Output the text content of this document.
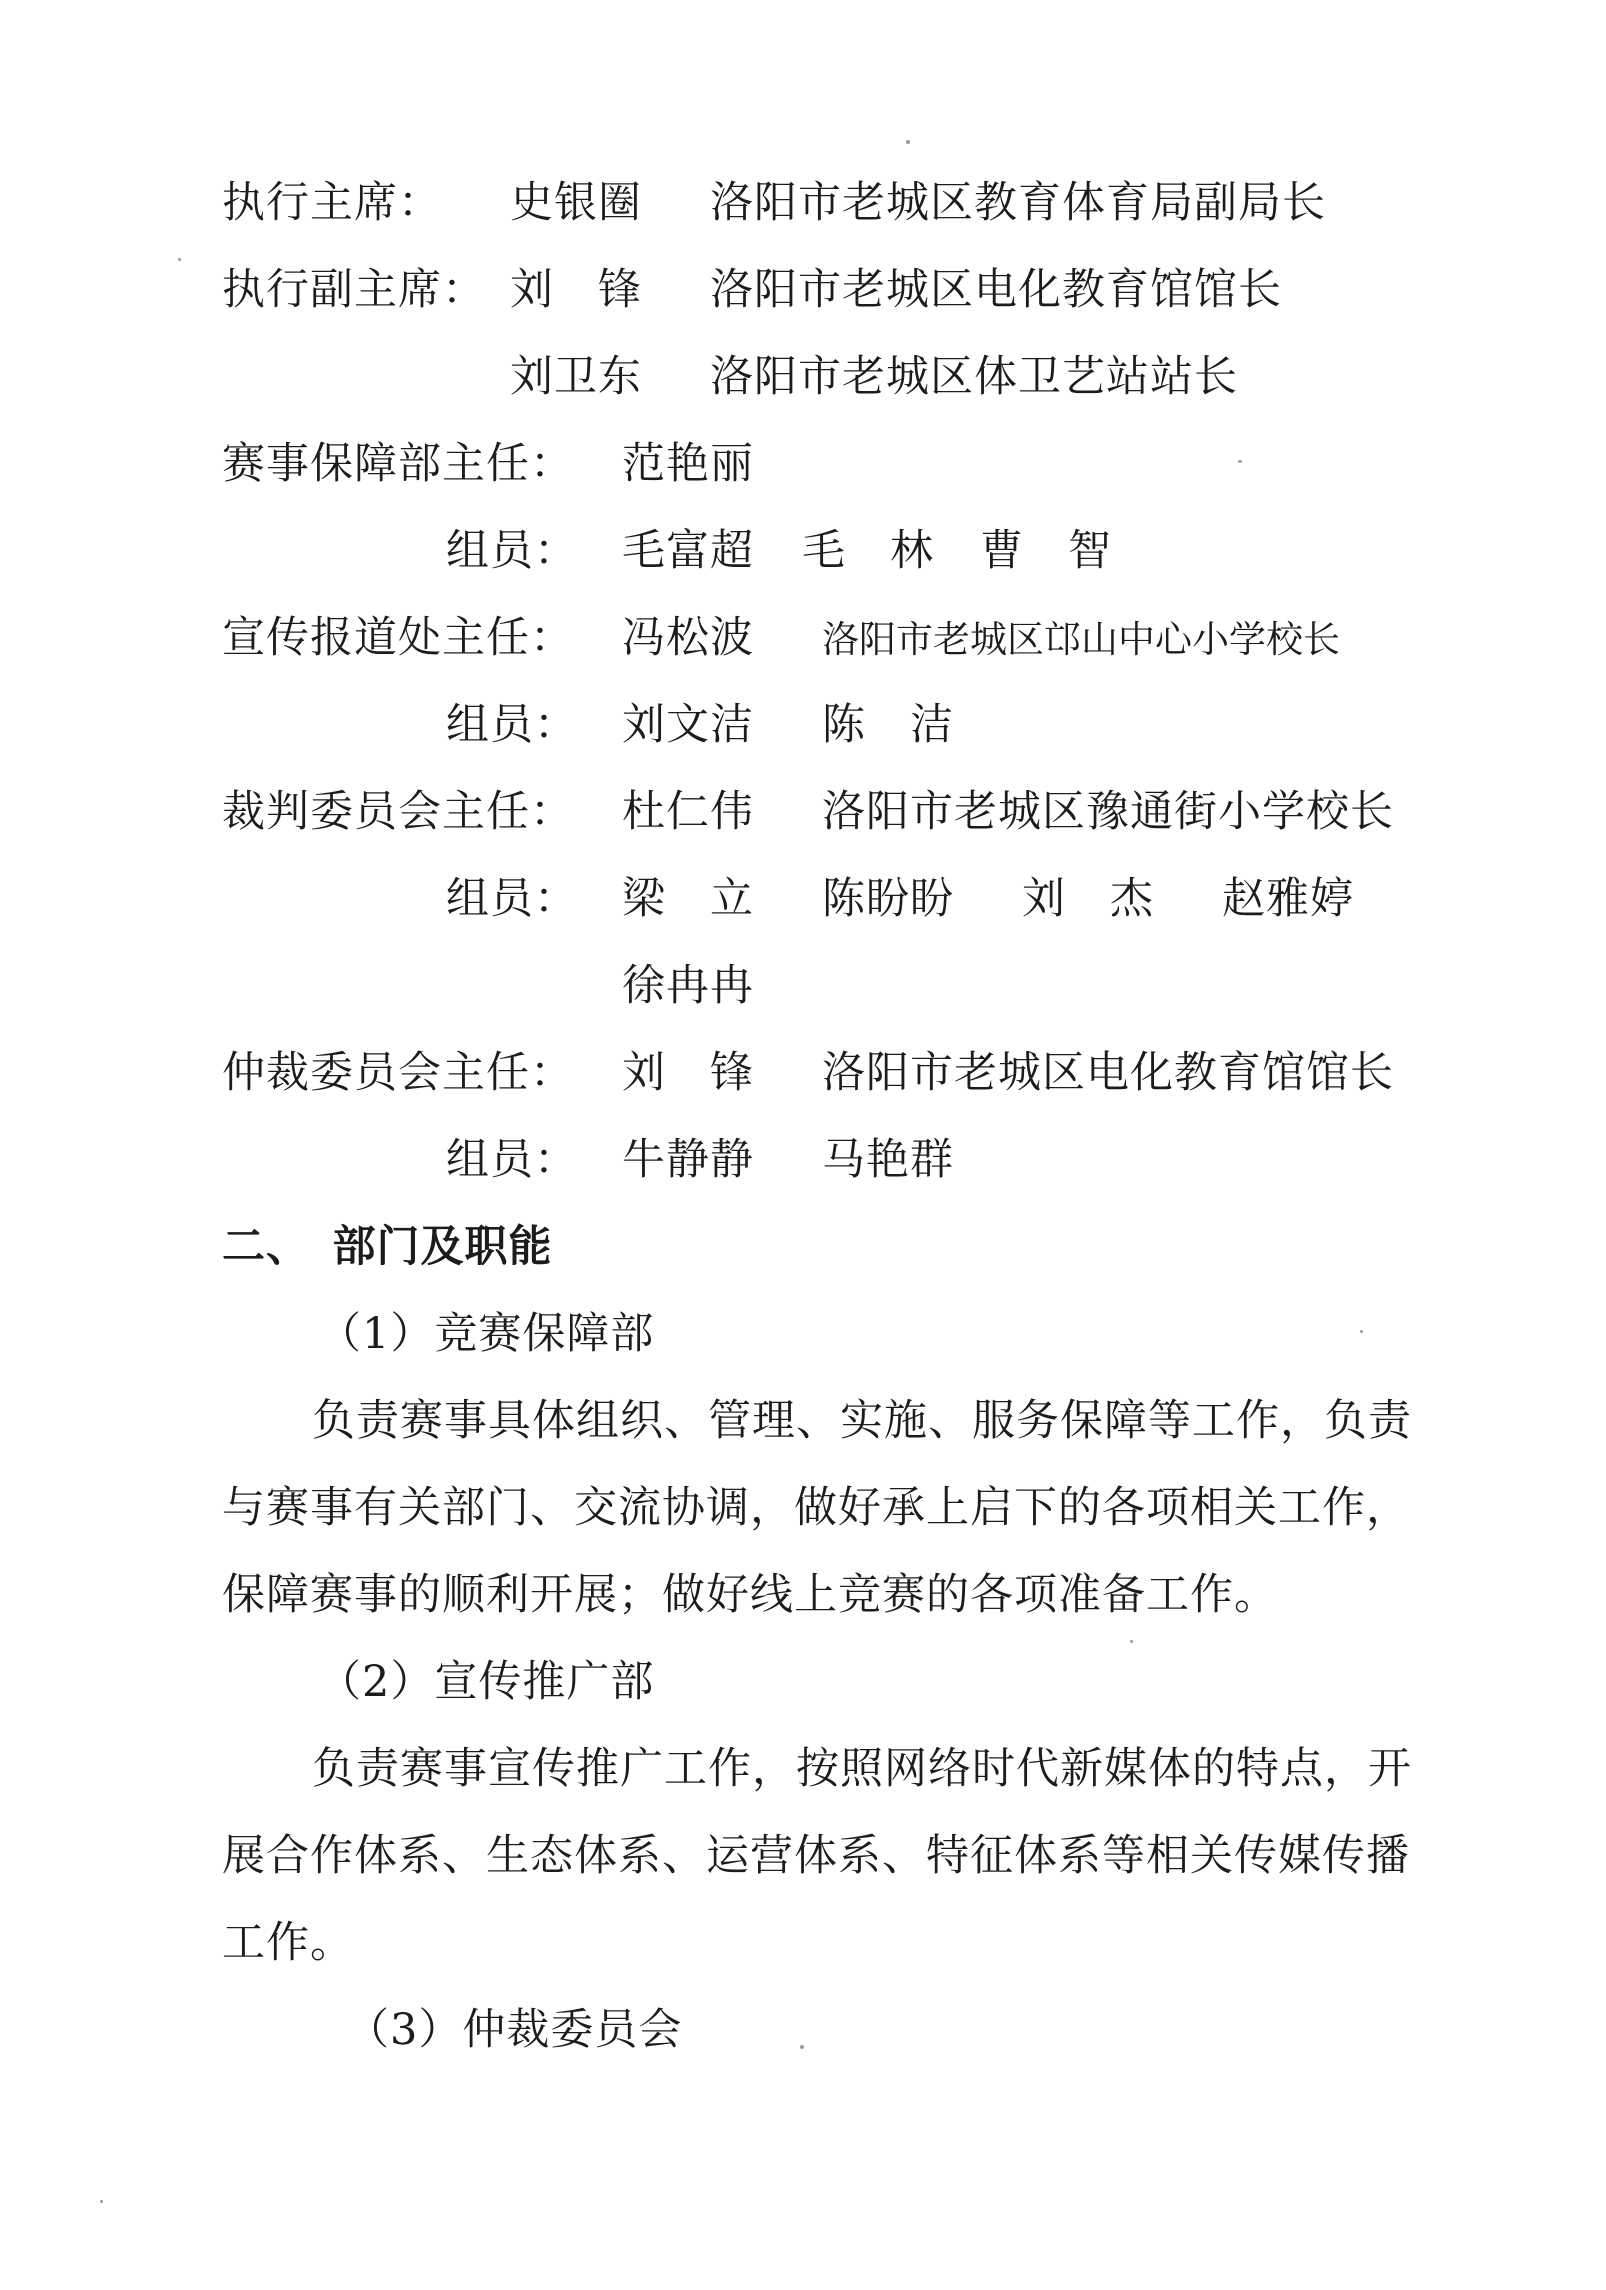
执行主席： 史银圈 洛阳市老城区教育体育局副局长
执行副主席： 刘　锋 洛阳市老城区电化教育馆馆长
刘卫东 洛阳市老城区体卫艺站站长
赛事保障部主任： 范艳丽
组员： 毛富超 毛　林 曹　智
宣传报道处主任： 冯松波 洛阳市老城区邙山中心小学校长
组员： 刘文洁 陈　洁
裁判委员会主任： 杜仁伟 洛阳市老城区豫通街小学校长
组员： 梁　立 陈盼盼 刘　杰 赵雅婷
徐冉冉
仲裁委员会主任： 刘　锋 洛阳市老城区电化教育馆馆长
组员： 牛静静 马艳群
二、　部门及职能
（1）竞赛保障部
负责赛事具体组织、管理、实施、服务保障等工作，负责
与赛事有关部门、交流协调，做好承上启下的各项相关工作，
保障赛事的顺利开展；做好线上竞赛的各项准备工作。
（2）宣传推广部
负责赛事宣传推广工作，按照网络时代新媒体的特点，开
展合作体系、生态体系、运营体系、特征体系等相关传媒传播
工作。
（3）仲裁委员会
